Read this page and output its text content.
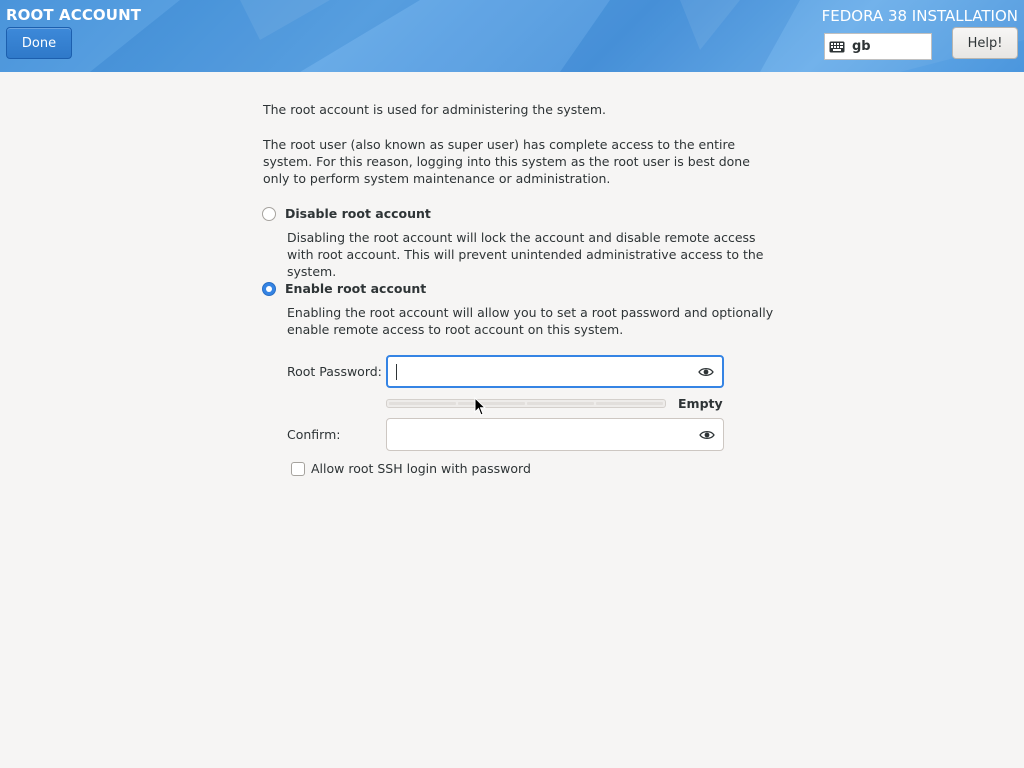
ROOT ACCOUNT
Done
FEDORA 38 INSTALLATION
gb	Help!
The root account is used for administering the system.
The root user (also known as super user) has complete access to the entire system. For this reason, logging into this system as the root user is best done only to perform system maintenance or administration.
Disable root account
Disabling the root account will lock the account and disable remote access with root account. This will prevent unintended administrative access to the system.
Enable root account
Enabling the root account will allow you to set a root password and optionally enable remote access to root account on this system.
Root Password:
Empty
Confirm:
Allow root SSH login with password
